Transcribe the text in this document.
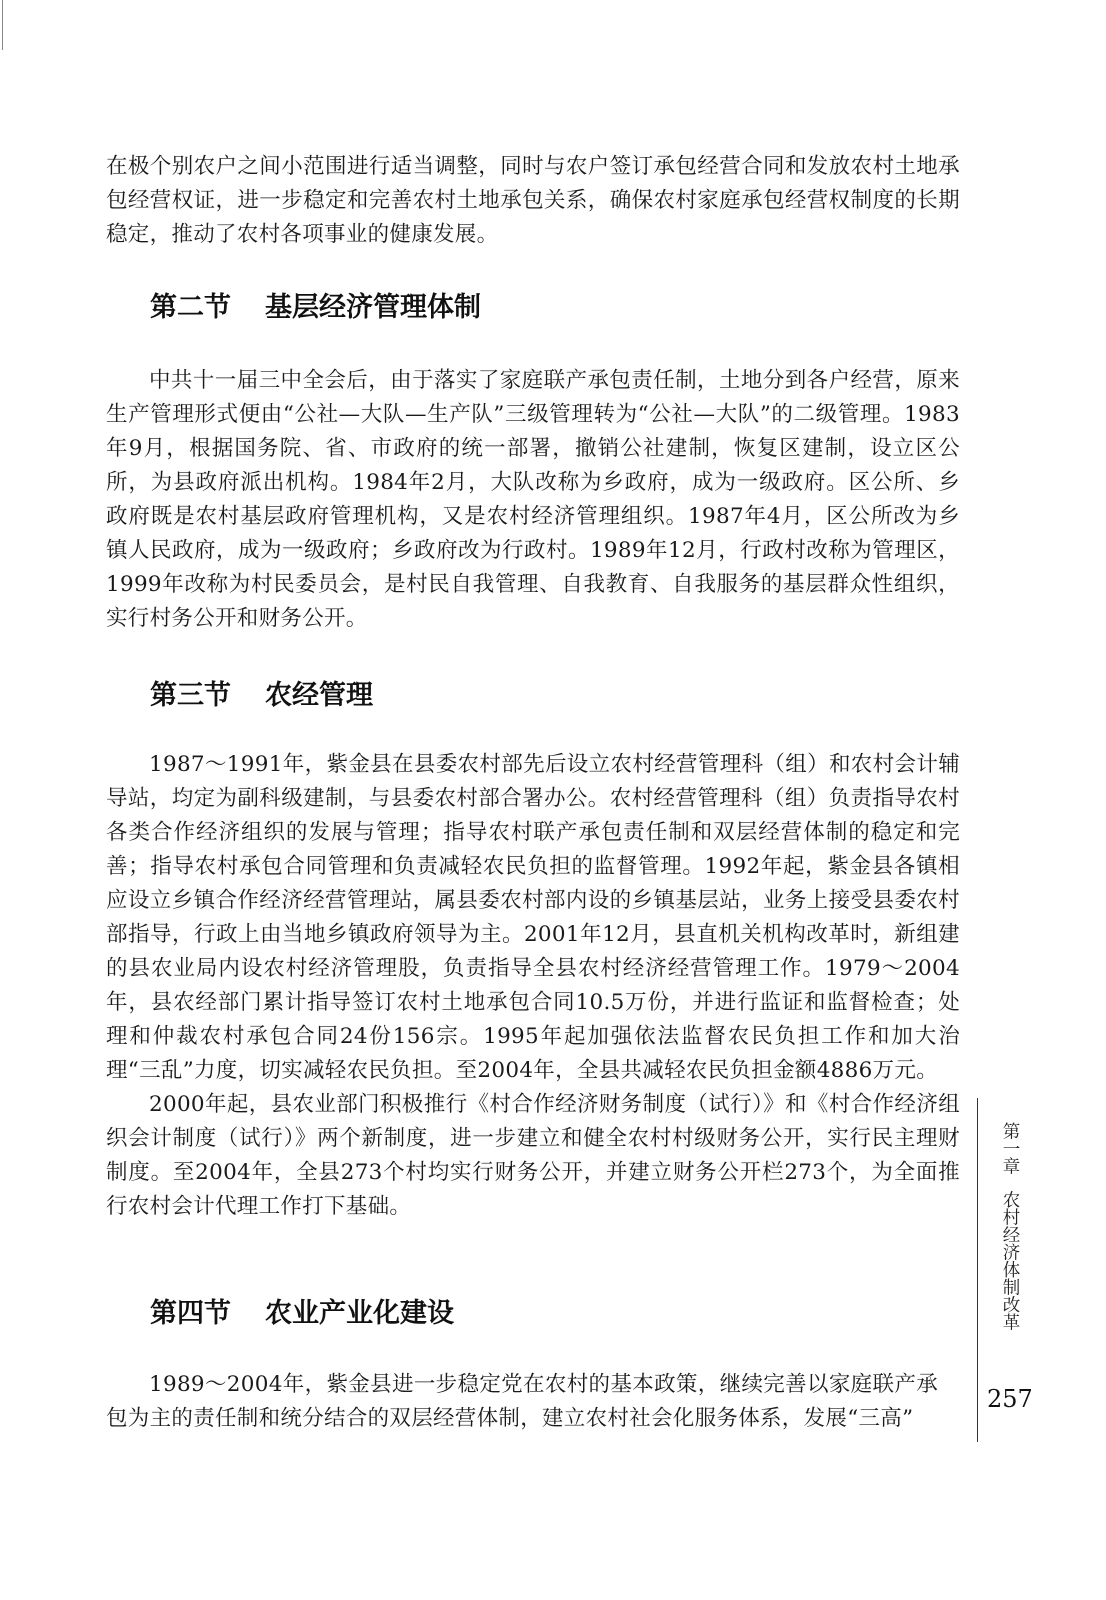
在极个别农户之间小范围进行适当调整，同时与农户签订承包经营合同和发放农村土地承包经营权证，进一步稳定和完善农村土地承包关系，确保农村家庭承包经营权制度的长期稳定，推动了农村各项事业的健康发展。

第二节 基层经济管理体制

中共十一届三中全会后，由于落实了家庭联产承包责任制，土地分到各户经营，原来生产管理形式便由“公社—大队—生产队”三级管理转为“公社—大队”的二级管理。1983年9月，根据国务院、省、市政府的统一部署，撤销公社建制，恢复区建制，设立区公所，为县政府派出机构。1984年2月，大队改称为乡政府，成为一级政府。区公所、乡政府既是农村基层政府管理机构，又是农村经济管理组织。1987年4月，区公所改为乡镇人民政府，成为一级政府；乡政府改为行政村。1989年12月，行政村改称为管理区，1999年改称为村民委员会，是村民自我管理、自我教育、自我服务的基层群众性组织，实行村务公开和财务公开。

第三节 农经管理

1987～1991年，紫金县在县委农村部先后设立农村经营管理科（组）和农村会计辅导站，均定为副科级建制，与县委农村部合署办公。农村经营管理科（组）负责指导农村各类合作经济组织的发展与管理；指导农村联产承包责任制和双层经营体制的稳定和完善；指导农村承包合同管理和负责减轻农民负担的监督管理。1992年起，紫金县各镇相应设立乡镇合作经济经营管理站，属县委农村部内设的乡镇基层站，业务上接受县委农村部指导，行政上由当地乡镇政府领导为主。2001年12月，县直机关机构改革时，新组建的县农业局内设农村经济管理股，负责指导全县农村经济经营管理工作。1979～2004年，县农经部门累计指导签订农村土地承包合同10.5万份，并进行监证和监督检查；处理和仲裁农村承包合同24份156宗。1995年起加强依法监督农民负担工作和加大治理“三乱”力度，切实减轻农民负担。至2004年，全县共减轻农民负担金额4886万元。

2000年起，县农业部门积极推行《村合作经济财务制度（试行）》和《村合作经济组织会计制度（试行）》两个新制度，进一步建立和健全农村村级财务公开，实行民主理财制度。至2004年，全县273个村均实行财务公开，并建立财务公开栏273个，为全面推行农村会计代理工作打下基础。

第四节 农业产业化建设

1989～2004年，紫金县进一步稳定党在农村的基本政策，继续完善以家庭联产承包为主的责任制和统分结合的双层经营体制，建立农村社会化服务体系，发展“三高”

第一章农村经济体制改革
257
